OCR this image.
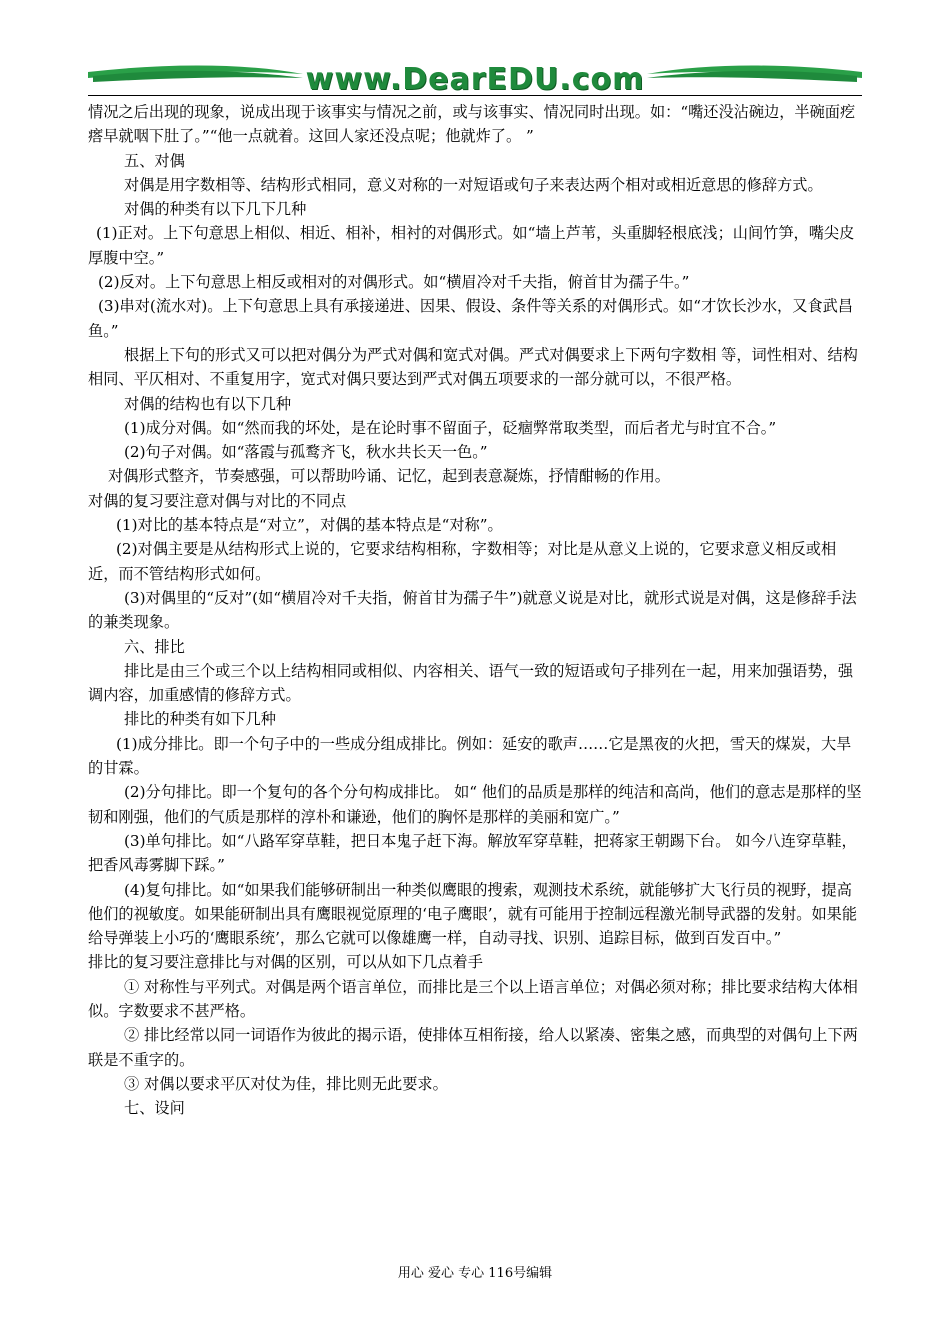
www.DearEDU.com

情况之后出现的现象，说成出现于该事实与情况之前，或与该事实、情况同时出现。如：“嘴还没沾碗边，半碗面疙瘩早就咽下肚了。”“他一点就着。这回人家还没点呢；他就炸了。 ”

五、对偶

对偶是用字数相等、结构形式相同，意义对称的一对短语或句子来表达两个相对或相近意思的修辞方式。

对偶的种类有以下几下几种

(1)正对。上下句意思上相似、相近、相补，相衬的对偶形式。如“墙上芦苇，头重脚轻根底浅；山间竹笋，嘴尖皮厚腹中空。”

(2)反对。上下句意思上相反或相对的对偶形式。如“横眉冷对千夫指，俯首甘为孺子牛。”

(3)串对(流水对)。上下句意思上具有承接递进、因果、假设、条件等关系的对偶形式。如“才饮长沙水，又食武昌鱼。”

根据上下句的形式又可以把对偶分为严式对偶和宽式对偶。严式对偶要求上下两句字数相 等，词性相对、结构相同、平仄相对、不重复用字，宽式对偶只要达到严式对偶五项要求的一部分就可以，不很严格。

对偶的结构也有以下几种

(1)成分对偶。如“然而我的坏处，是在论时事不留面子，砭痼弊常取类型，而后者尤与时宜不合。”

(2)句子对偶。如“落霞与孤鹜齐飞，秋水共长天一色。”

对偶形式整齐，节奏感强，可以帮助吟诵、记忆，起到表意凝炼，抒情酣畅的作用。

对偶的复习要注意对偶与对比的不同点

(1)对比的基本特点是“对立”，对偶的基本特点是“对称”。

(2)对偶主要是从结构形式上说的，它要求结构相称，字数相等；对比是从意义上说的，它要求意义相反或相近，而不管结构形式如何。

(3)对偶里的“反对”(如“横眉冷对千夫指，俯首甘为孺子牛”)就意义说是对比，就形式说是对偶，这是修辞手法的兼类现象。

六、排比

排比是由三个或三个以上结构相同或相似、内容相关、语气一致的短语或句子排列在一起，用来加强语势，强调内容，加重感情的修辞方式。

排比的种类有如下几种

(1)成分排比。即一个句子中的一些成分组成排比。例如：延安的歌声……它是黑夜的火把，雪天的煤炭，大旱的甘霖。

(2)分句排比。即一个复句的各个分句构成排比。 如“ 他们的品质是那样的纯洁和高尚，他们的意志是那样的坚韧和刚强，他们的气质是那样的淳朴和谦逊，他们的胸怀是那样的美丽和宽广。”

(3)单句排比。如“八路军穿草鞋，把日本鬼子赶下海。解放军穿草鞋，把蒋家王朝踢下台。 如今八连穿草鞋，把香风毒雾脚下踩。”

(4)复句排比。如“如果我们能够研制出一种类似鹰眼的搜索，观测技术系统，就能够扩大飞行员的视野，提高他们的视敏度。如果能研制出具有鹰眼视觉原理的‘电子鹰眼’，就有可能用于控制远程激光制导武器的发射。如果能给导弹装上小巧的‘鹰眼系统’，那么它就可以像雄鹰一样，自动寻找、识别、追踪目标，做到百发百中。”

排比的复习要注意排比与对偶的区别，可以从如下几点着手

① 对称性与平列式。对偶是两个语言单位，而排比是三个以上语言单位；对偶必须对称；排比要求结构大体相似。字数要求不甚严格。

② 排比经常以同一词语作为彼此的揭示语，使排体互相衔接，给人以紧凑、密集之感，而典型的对偶句上下两联是不重字的。

③ 对偶以要求平仄对仗为佳，排比则无此要求。

七、设问

用心 爱心 专心 116号编辑
